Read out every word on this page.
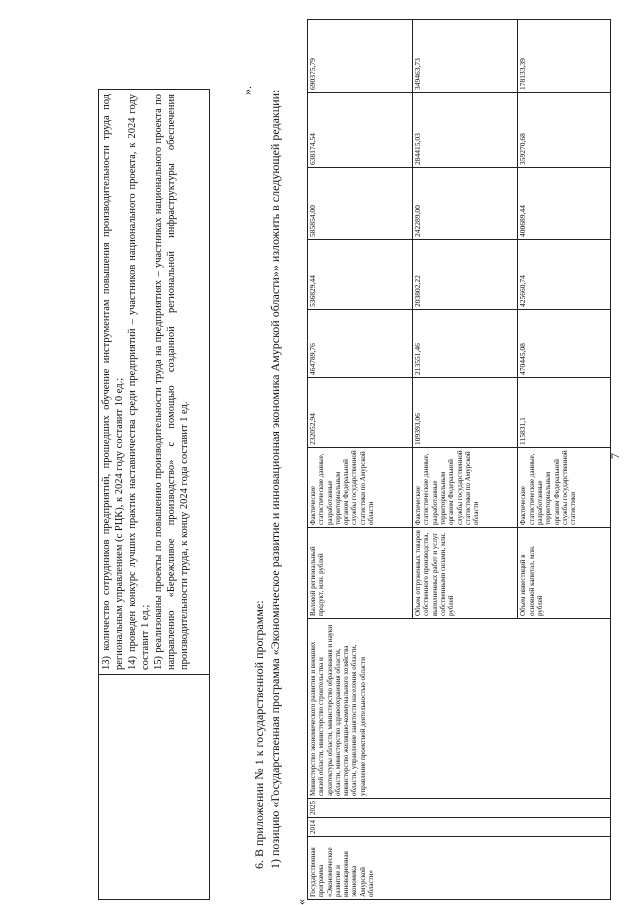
7

13) количество сотрудников предприятий, прошедших обучение инструментам повышения производительности труда под региональным управлением (с РЦК), к 2024 году составит 10 ед.; 14) проведен конкурс лучших практик наставничества среди предприятий – участников национального проекта, к 2024 году составит 1 ед.; 15) реализованы проекты по повышению производительности труда на предприятиях – участниках национального проекта по направлению «Бережливое производство» с помощью созданной региональной инфраструктуры обеспечения производительности труда, к концу 2024 года составит 1 ед.
».
6. В приложении № 1 к государственной программе: 1) позицию «Государственная программа «Экономическое развитие и инновационная экономика Амурской области»» изложить в следующей редакции:
«
Государственная программа «Экономическое развитие и инновационная экономика Амурской области»	2014	2025	Министерство экономического развития и внешних связей области, министерство строительства и архитектуры области, министерство образования и науки области, министерство здравоохранения области, министерство жилищно-коммунального хозяйства области, управление занятости населения области, управление проектной деятельностью области	Валовой региональный продукт, млн. рублей	Фактические статистические данные, разработанные территориальным органом Федеральной службы государственной статистики по Амурской области	232052,94	464789,76	536829,44	585854,00	638174,54	690375,79
				Объем отгруженных товаров собственного производства, выполненных работ и услуг собственными силами, млн. рублей	Фактические статистические данные, разработанные территориальным органом Федеральной службы государственной статистики по Амурской области	109393,06	213551,46	203802,22	242289,00	284415,03	349463,73
				Объем инвестиций в основной капитал, млн. рублей	Фактические статистические данные, разработанные территориальным органом Федеральной службы государственной статистики	115831,1	470445,08	425660,74	400689,44	359270,68	178133,39
